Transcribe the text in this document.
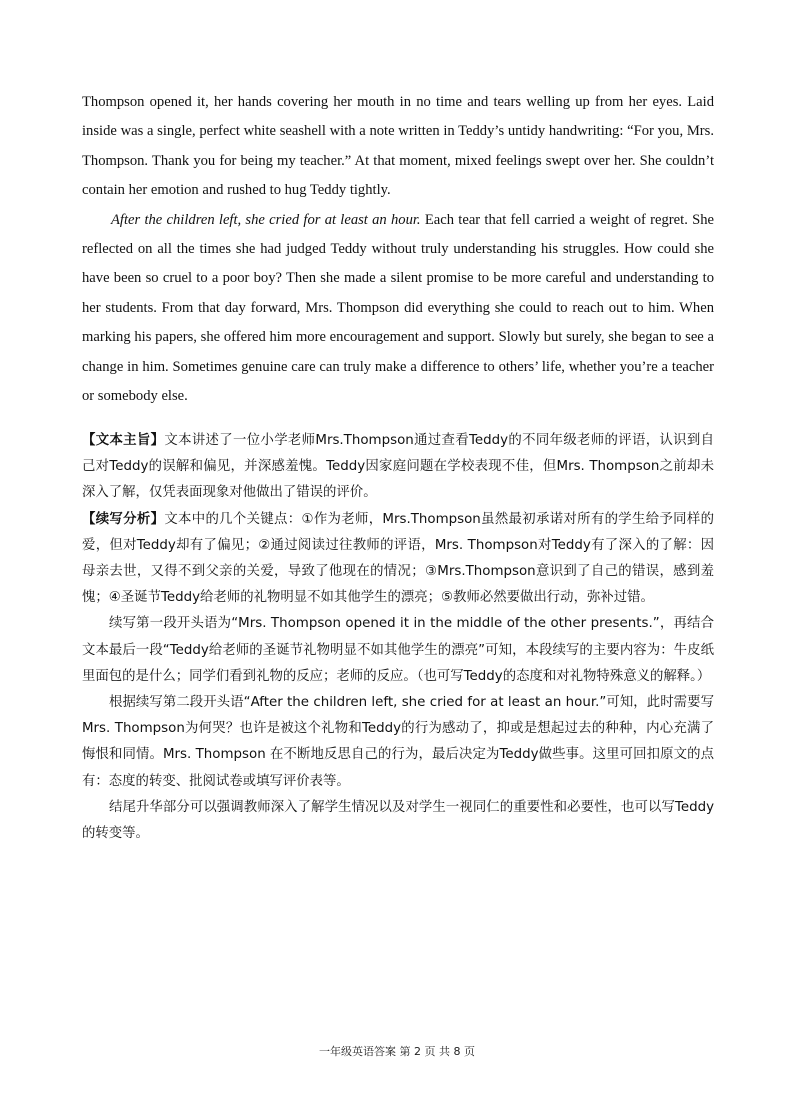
Thompson opened it, her hands covering her mouth in no time and tears welling up from her eyes. Laid inside was a single, perfect white seashell with a note written in Teddy’s untidy handwriting: “For you, Mrs. Thompson. Thank you for being my teacher.” At that moment, mixed feelings swept over her. She couldn’t contain her emotion and rushed to hug Teddy tightly.

After the children left, she cried for at least an hour. Each tear that fell carried a weight of regret. She reflected on all the times she had judged Teddy without truly understanding his struggles. How could she have been so cruel to a poor boy? Then she made a silent promise to be more careful and understanding to her students. From that day forward, Mrs. Thompson did everything she could to reach out to him. When marking his papers, she offered him more encouragement and support. Slowly but surely, she began to see a change in him. Sometimes genuine care can truly make a difference to others’ life, whether you’re a teacher or somebody else.

【文本主旨】文本讲述了一位小学老师Mrs.Thompson通过查看Teddy的不同年级老师的评语，认识到自己对Teddy的误解和偏见，并深感羞愧。Teddy因家庭问题在学校表现不佳，但Mrs. Thompson之前却未深入了解，仅凭表面现象对他做出了错误的评价。

【续写分析】文本中的几个关键点：①作为老师，Mrs.Thompson虽然最初承诺对所有的学生给予同样的爱，但对Teddy却有了偏见；②通过阅读过往教师的评语，Mrs. Thompson对Teddy有了深入的了解：因母亲去世，又得不到父亲的关爱，导致了他现在的情况；③Mrs.Thompson意识到了自己的错误，感到羞愧；④圣诞节Teddy给老师的礼物明显不如其他学生的漂亮；⑤教师必然要做出行动，弥补过错。

续写第一段开头语为“Mrs. Thompson opened it in the middle of the other presents.”，再结合文本最后一段“Teddy给老师的圣诞节礼物明显不如其他学生的漂亮”可知，本段续写的主要内容为：牛皮纸里面包的是什么；同学们看到礼物的反应；老师的反应。（也可写Teddy的态度和对礼物特殊意义的解释。）

根据续写第二段开头语“After the children left, she cried for at least an hour.”可知，此时需要写Mrs. Thompson为何哭？也许是被这个礼物和Teddy的行为感动了，抑或是想起过去的种种，内心充满了悔恨和同情。Mrs. Thompson 在不断地反思自己的行为，最后决定为Teddy做些事。这里可回扣原文的点有：态度的转变、批阅试卷或填写评价表等。

结尾升华部分可以强调教师深入了解学生情况以及对学生一视同仁的重要性和必要性，也可以写Teddy的转变等。

一年级英语答案 第 2 页 共 8 页
